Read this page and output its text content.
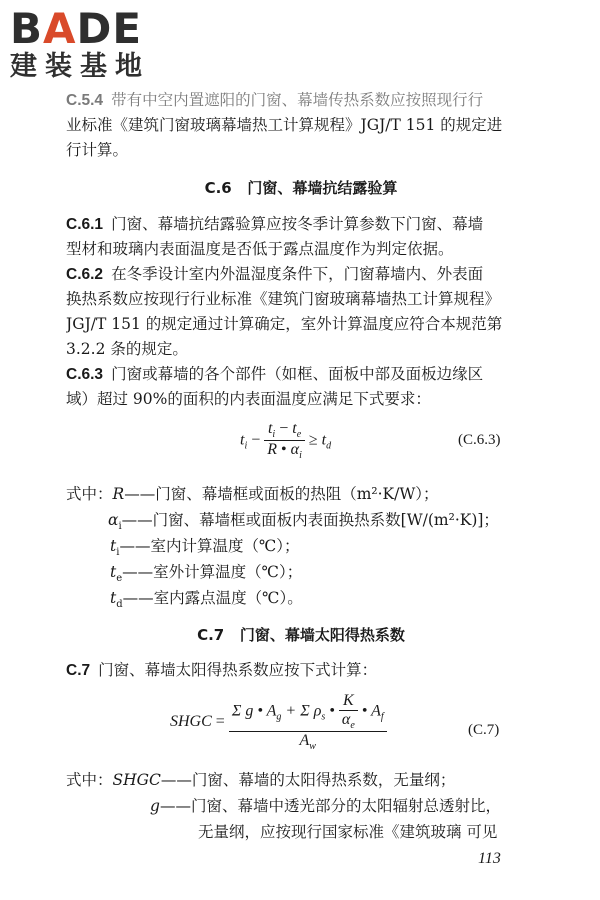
BADE
建装基地
C.5.4 带有中空内置遮阳的门窗、幕墙传热系数应按照现行行
业标准《建筑门窗玻璃幕墙热工计算规程》JGJ/T 151 的规定进
行计算。
C.6 门窗、幕墙抗结露验算
C.6.1 门窗、幕墙抗结露验算应按冬季计算参数下门窗、幕墙
型材和玻璃内表面温度是否低于露点温度作为判定依据。
C.6.2 在冬季设计室内外温湿度条件下，门窗幕墙内、外表面
换热系数应按现行行业标准《建筑门窗玻璃幕墙热工计算规程》
JGJ/T 151 的规定通过计算确定，室外计算温度应符合本规范第
3.2.2 条的规定。
C.6.3 门窗或幕墙的各个部件（如框、面板中部及面板边缘区
域）超过 90%的面积的内表面温度应满足下式要求：
$t_i - \frac{t_i - t_e}{R • \alpha_i} \ge t_d$	(C.6.3)
式中：R——门窗、幕墙框或面板的热阻（m²·K/W）；
$\alpha_i——$门窗、幕墙框或面板内表面换热系数[W/(m²·K)]；
$t_i——$室内计算温度（℃）；
$t_e——$室外计算温度（℃）；
$t_d——$室内露点温度（℃）。
C.7 门窗、幕墙太阳得热系数
C.7 门窗、幕墙太阳得热系数应按下式计算：
SHGC = $\frac{\Sigma g • A_g + \Sigma \rho_s • \frac{K}{\alpha_e} • A_f}{A_w}$	(C.7)
式中：SHGC——门窗、幕墙的太阳得热系数，无量纲；
g——门窗、幕墙中透光部分的太阳辐射总透射比，
无量纲，应按现行国家标准《建筑玻璃 可见
113
